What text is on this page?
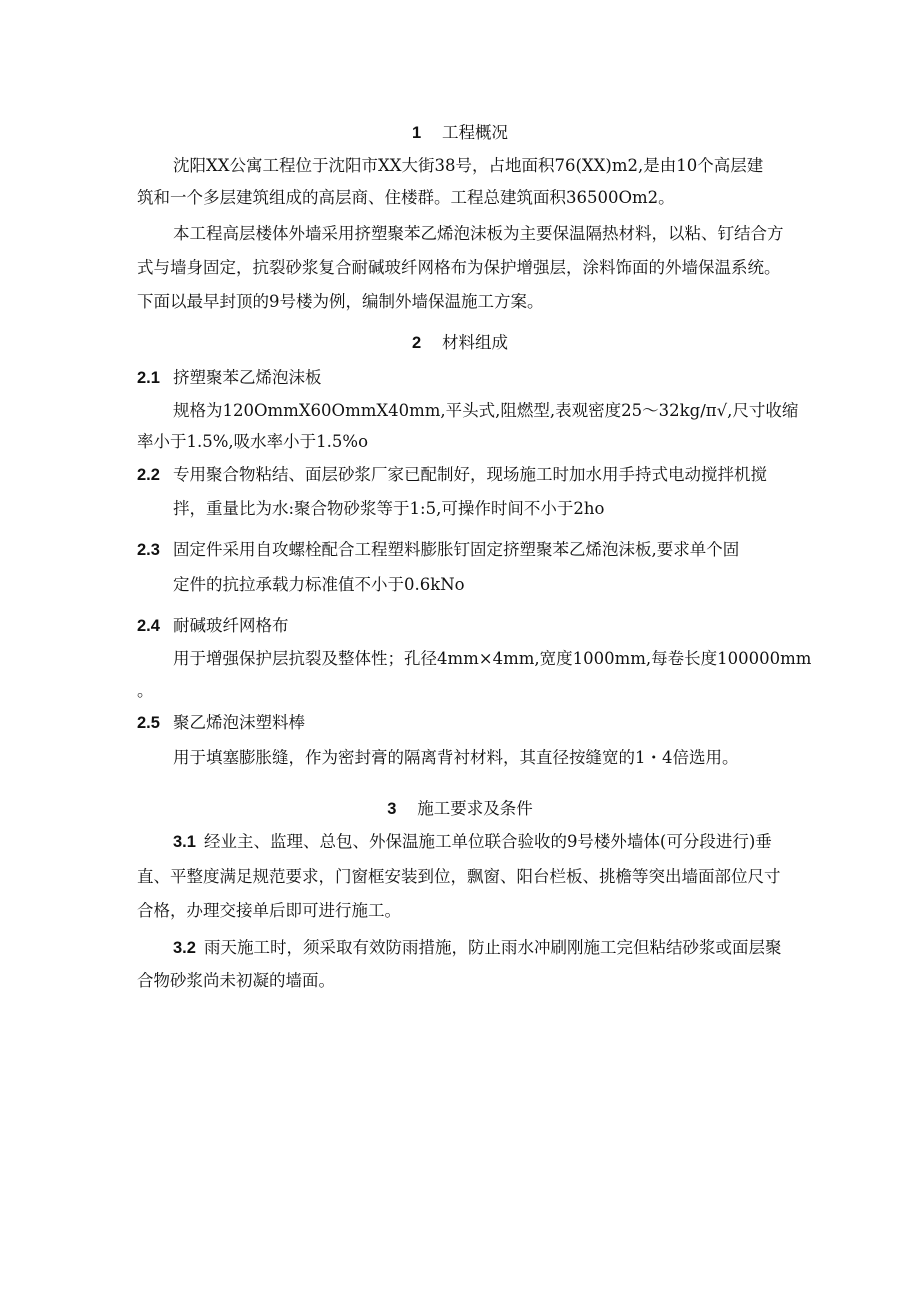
1 工程概况
沈阳XX公寓工程位于沈阳市XX大街38号，占地面积76(XX)m2,是由10个高层建
筑和一个多层建筑组成的高层商、住楼群。工程总建筑面积36500Om2。
本工程高层楼体外墙采用挤塑聚苯乙烯泡沫板为主要保温隔热材料，以粘、钉结合方
式与墙身固定，抗裂砂浆复合耐碱玻纤网格布为保护增强层，涂料饰面的外墙保温系统。
下面以最早封顶的9号楼为例，编制外墙保温施工方案。
2 材料组成
2.1 挤塑聚苯乙烯泡沫板
规格为120OmmX60OmmX40mm,平头式,阻燃型,表观密度25～32kg∕π√,尺寸收缩
率小于1.5%,吸水率小于1.5%o
2.2 专用聚合物粘结、面层砂浆厂家已配制好，现场施工时加水用手持式电动搅拌机搅
拌，重量比为水:聚合物砂浆等于1:5,可操作时间不小于2ho
2.3 固定件采用自攻螺栓配合工程塑料膨胀钉固定挤塑聚苯乙烯泡沫板,要求单个固
定件的抗拉承载力标准值不小于0.6kNo
2.4 耐碱玻纤网格布
用于增强保护层抗裂及整体性；孔径4mm×4mm,宽度1000mm,每卷长度100000mm
。
2.5 聚乙烯泡沫塑料棒
用于填塞膨胀缝，作为密封膏的隔离背衬材料，其直径按缝宽的1・4倍选用。
3 施工要求及条件
3.1 经业主、监理、总包、外保温施工单位联合验收的9号楼外墙体(可分段进行)垂
直、平整度满足规范要求，门窗框安装到位，飘窗、阳台栏板、挑檐等突出墙面部位尺寸
合格，办理交接单后即可进行施工。
3.2 雨天施工时，须采取有效防雨措施，防止雨水冲刷刚施工完但粘结砂浆或面层聚
合物砂浆尚未初凝的墙面。
